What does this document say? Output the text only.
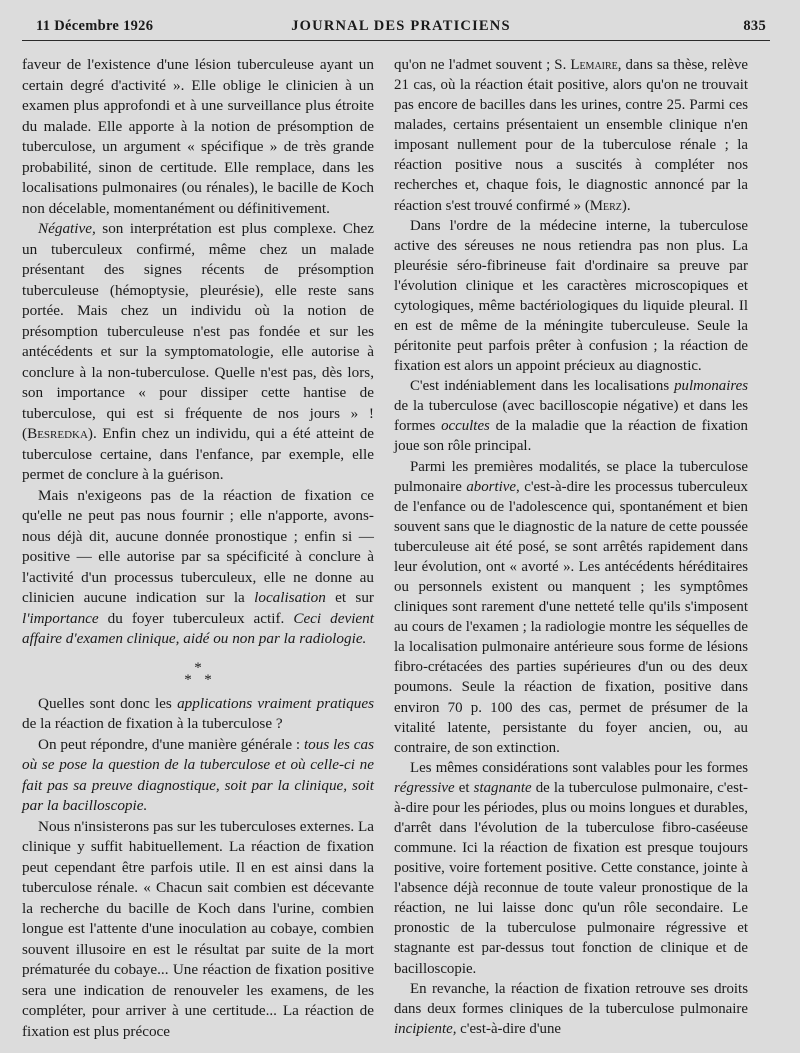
11 Décembre 1926	JOURNAL DES PRATICIENS	835

faveur de l'existence d'une lésion tuberculeuse ayant un certain degré d'activité ». Elle oblige le clinicien à un examen plus approfondi et à une surveillance plus étroite du malade. Elle apporte à la notion de présomption de tuberculose, un argument « spécifique » de très grande probabilité, sinon de certitude. Elle remplace, dans les localisations pulmonaires (ou rénales), le bacille de Koch non décelable, momentanément ou définitivement.

Négative, son interprétation est plus complexe. Chez un tuberculeux confirmé, même chez un malade présentant des signes récents de présomption tuberculeuse (hémoptysie, pleurésie), elle reste sans portée. Mais chez un individu où la notion de présomption tuberculeuse n'est pas fondée et sur les antécédents et sur la symptomatologie, elle autorise à conclure à la non-tuberculose. Quelle n'est pas, dès lors, son importance « pour dissiper cette hantise de tuberculose, qui est si fréquente de nos jours » ! (Besredka). Enfin chez un individu, qui a été atteint de tuberculose certaine, dans l'enfance, par exemple, elle permet de conclure à la guérison.

Mais n'exigeons pas de la réaction de fixation ce qu'elle ne peut pas nous fournir ; elle n'apporte, avons-nous déjà dit, aucune donnée pronostique ; enfin si — positive — elle autorise par sa spécificité à conclure à l'activité d'un processus tuberculeux, elle ne donne au clinicien aucune indication sur la localisation et sur l'importance du foyer tuberculeux actif. Ceci devient affaire d'examen clinique, aidé ou non par la radiologie.

*
* *

Quelles sont donc les applications vraiment pratiques de la réaction de fixation à la tuberculose ?

On peut répondre, d'une manière générale : tous les cas où se pose la question de la tuberculose et où celle-ci ne fait pas sa preuve diagnostique, soit par la clinique, soit par la bacilloscopie.

Nous n'insisterons pas sur les tuberculoses externes. La clinique y suffit habituellement. La réaction de fixation peut cependant être parfois utile. Il en est ainsi dans la tuberculose rénale. « Chacun sait combien est décevante la recherche du bacille de Koch dans l'urine, combien longue est l'attente d'une inoculation au cobaye, combien souvent illusoire en est le résultat par suite de la mort prématurée du cobaye... Une réaction de fixation positive sera une indication de renouveler les examens, de les compléter, pour arriver à une certitude... La réaction de fixation est plus précoce

qu'on ne l'admet souvent ; S. Lemaire, dans sa thèse, relève 21 cas, où la réaction était positive, alors qu'on ne trouvait pas encore de bacilles dans les urines, contre 25. Parmi ces malades, certains présentaient un ensemble clinique n'en imposant nullement pour de la tuberculose rénale ; la réaction positive nous a suscités à compléter nos recherches et, chaque fois, le diagnostic annoncé par la réaction s'est trouvé confirmé » (Merz).

Dans l'ordre de la médecine interne, la tuberculose active des séreuses ne nous retiendra pas non plus. La pleurésie séro-fibrineuse fait d'ordinaire sa preuve par l'évolution clinique et les caractères microscopiques et cytologiques, même bactériologiques du liquide pleural. Il en est de même de la méningite tuberculeuse. Seule la péritonite peut parfois prêter à confusion ; la réaction de fixation est alors un appoint précieux au diagnostic.

C'est indéniablement dans les localisations pulmonaires de la tuberculose (avec bacilloscopie négative) et dans les formes occultes de la maladie que la réaction de fixation joue son rôle principal.

Parmi les premières modalités, se place la tuberculose pulmonaire abortive, c'est-à-dire les processus tuberculeux de l'enfance ou de l'adolescence qui, spontanément et bien souvent sans que le diagnostic de la nature de cette poussée tuberculeuse ait été posé, se sont arrêtés rapidement dans leur évolution, ont « avorté ». Les antécédents héréditaires ou personnels existent ou manquent ; les symptômes cliniques sont rarement d'une netteté telle qu'ils s'imposent au cours de l'examen ; la radiologie montre les séquelles de la localisation pulmonaire antérieure sous forme de lésions fibro-crétacées des parties supérieures d'un ou des deux poumons. Seule la réaction de fixation, positive dans environ 70 p. 100 des cas, permet de présumer de la vitalité latente, persistante du foyer ancien, ou, au contraire, de son extinction.

Les mêmes considérations sont valables pour les formes régressive et stagnante de la tuberculose pulmonaire, c'est-à-dire pour les périodes, plus ou moins longues et durables, d'arrêt dans l'évolution de la tuberculose fibro-caséeuse commune. Ici la réaction de fixation est presque toujours positive, voire fortement positive. Cette constance, jointe à l'absence déjà reconnue de toute valeur pronostique de la réaction, ne lui laisse donc qu'un rôle secondaire. Le pronostic de la tuberculose pulmonaire régressive et stagnante est par-dessus tout fonction de clinique et de bacilloscopie.

En revanche, la réaction de fixation retrouve ses droits dans deux formes cliniques de la tuberculose pulmonaire incipiente, c'est-à-dire d'une
